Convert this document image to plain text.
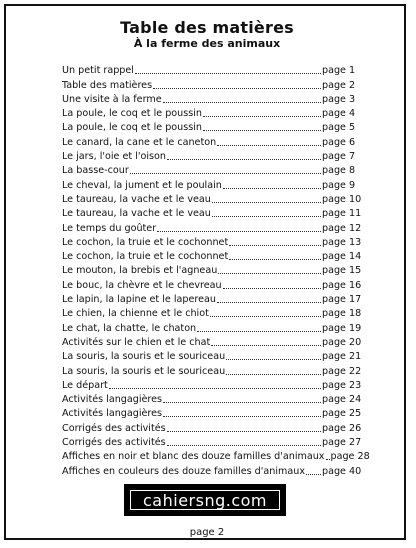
Table des matières
À la ferme des animaux
Un petit rappel	page 1
Table des matières	page 2
Une visite à la ferme	page 3
La poule, le coq et le poussin	page 4
La poule, le coq et le poussin	page 5
Le canard, la cane et le caneton	page 6
Le jars, l'oie et l'oison	page 7
La basse-cour	page 8
Le cheval, la jument et le poulain	page 9
Le taureau, la vache et le veau	page 10
Le taureau, la vache et le veau	page 11
Le temps du goûter	page 12
Le cochon, la truie et le cochonnet	page 13
Le cochon, la truie et le cochonnet	page 14
Le mouton, la brebis et l'agneau	page 15
Le bouc, la chèvre et le chevreau	page 16
Le lapin, la lapine et le lapereau	page 17
Le chien, la chienne et le chiot	page 18
Le chat, la chatte, le chaton	page 19
Activités sur le chien et le chat	page 20
La souris, la souris et le souriceau	page 21
La souris, la souris et le souriceau	page 22
Le départ	page 23
Activités langagières	page 24
Activités langagières	page 25
Corrigés des activités	page 26
Corrigés des activités	page 27
Affiches en noir et blanc des douze familles d'animaux page 28
Affiches en couleurs des douze familles d'animaux page 40
cahiersng.com
page 2
